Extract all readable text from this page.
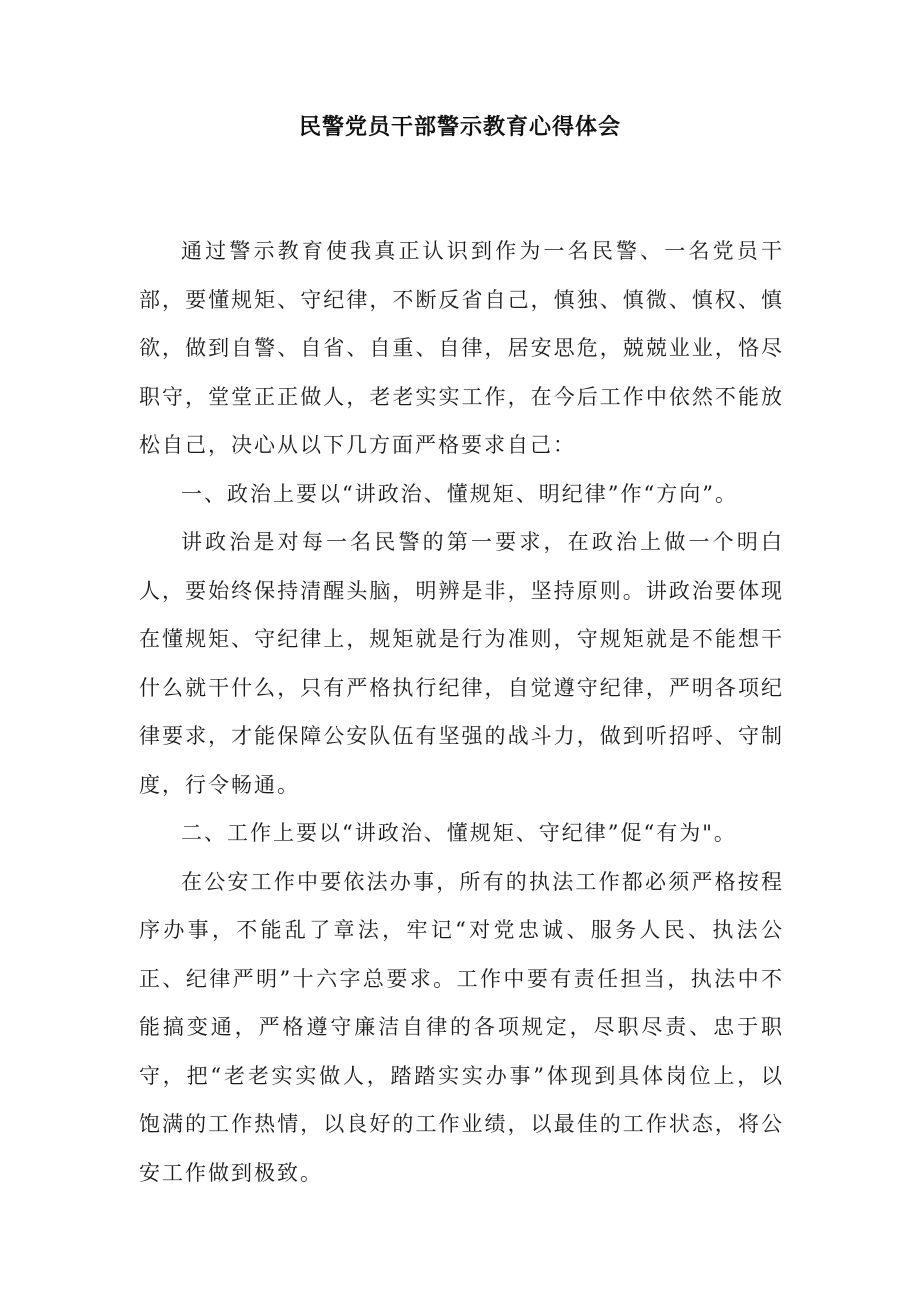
民警党员干部警示教育心得体会

通过警示教育使我真正认识到作为一名民警、一名党员干部，要懂规矩、守纪律，不断反省自己，慎独、慎微、慎权、慎欲，做到自警、自省、自重、自律，居安思危，兢兢业业，恪尽职守，堂堂正正做人，老老实实工作，在今后工作中依然不能放松自己，决心从以下几方面严格要求自己：

一、政治上要以“讲政治、懂规矩、明纪律”作“方向”。

讲政治是对每一名民警的第一要求，在政治上做一个明白人，要始终保持清醒头脑，明辨是非，坚持原则。讲政治要体现在懂规矩、守纪律上，规矩就是行为准则，守规矩就是不能想干什么就干什么，只有严格执行纪律，自觉遵守纪律，严明各项纪律要求，才能保障公安队伍有坚强的战斗力，做到听招呼、守制度，行令畅通。

二、工作上要以“讲政治、懂规矩、守纪律”促“有为"。

在公安工作中要依法办事，所有的执法工作都必须严格按程序办事，不能乱了章法，牢记“对党忠诚、服务人民、执法公正、纪律严明”十六字总要求。工作中要有责任担当，执法中不能搞变通，严格遵守廉洁自律的各项规定，尽职尽责、忠于职守，把“老老实实做人，踏踏实实办事”体现到具体岗位上，以饱满的工作热情，以良好的工作业绩，以最佳的工作状态，将公安工作做到极致。
